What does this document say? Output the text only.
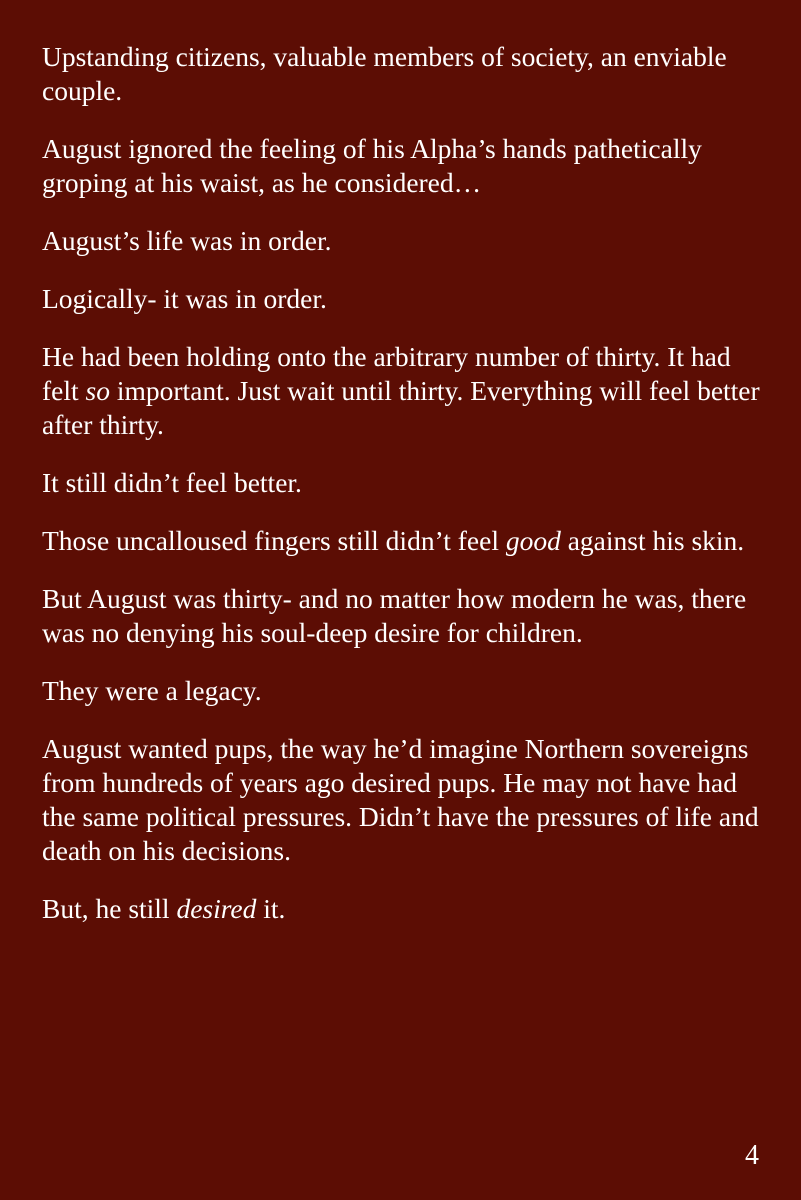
Upstanding citizens, valuable members of society, an enviable couple.

August ignored the feeling of his Alpha’s hands pathetically groping at his waist, as he considered…

August’s life was in order.

Logically- it was in order.

He had been holding onto the arbitrary number of thirty. It had felt so important. Just wait until thirty. Everything will feel better after thirty.

It still didn’t feel better.

Those uncalloused fingers still didn’t feel good against his skin.

But August was thirty- and no matter how modern he was, there was no denying his soul-deep desire for children.

They were a legacy.

August wanted pups, the way he’d imagine Northern sovereigns from hundreds of years ago desired pups. He may not have had the same political pressures. Didn’t have the pressures of life and death on his decisions.

But, he still desired it.

4
